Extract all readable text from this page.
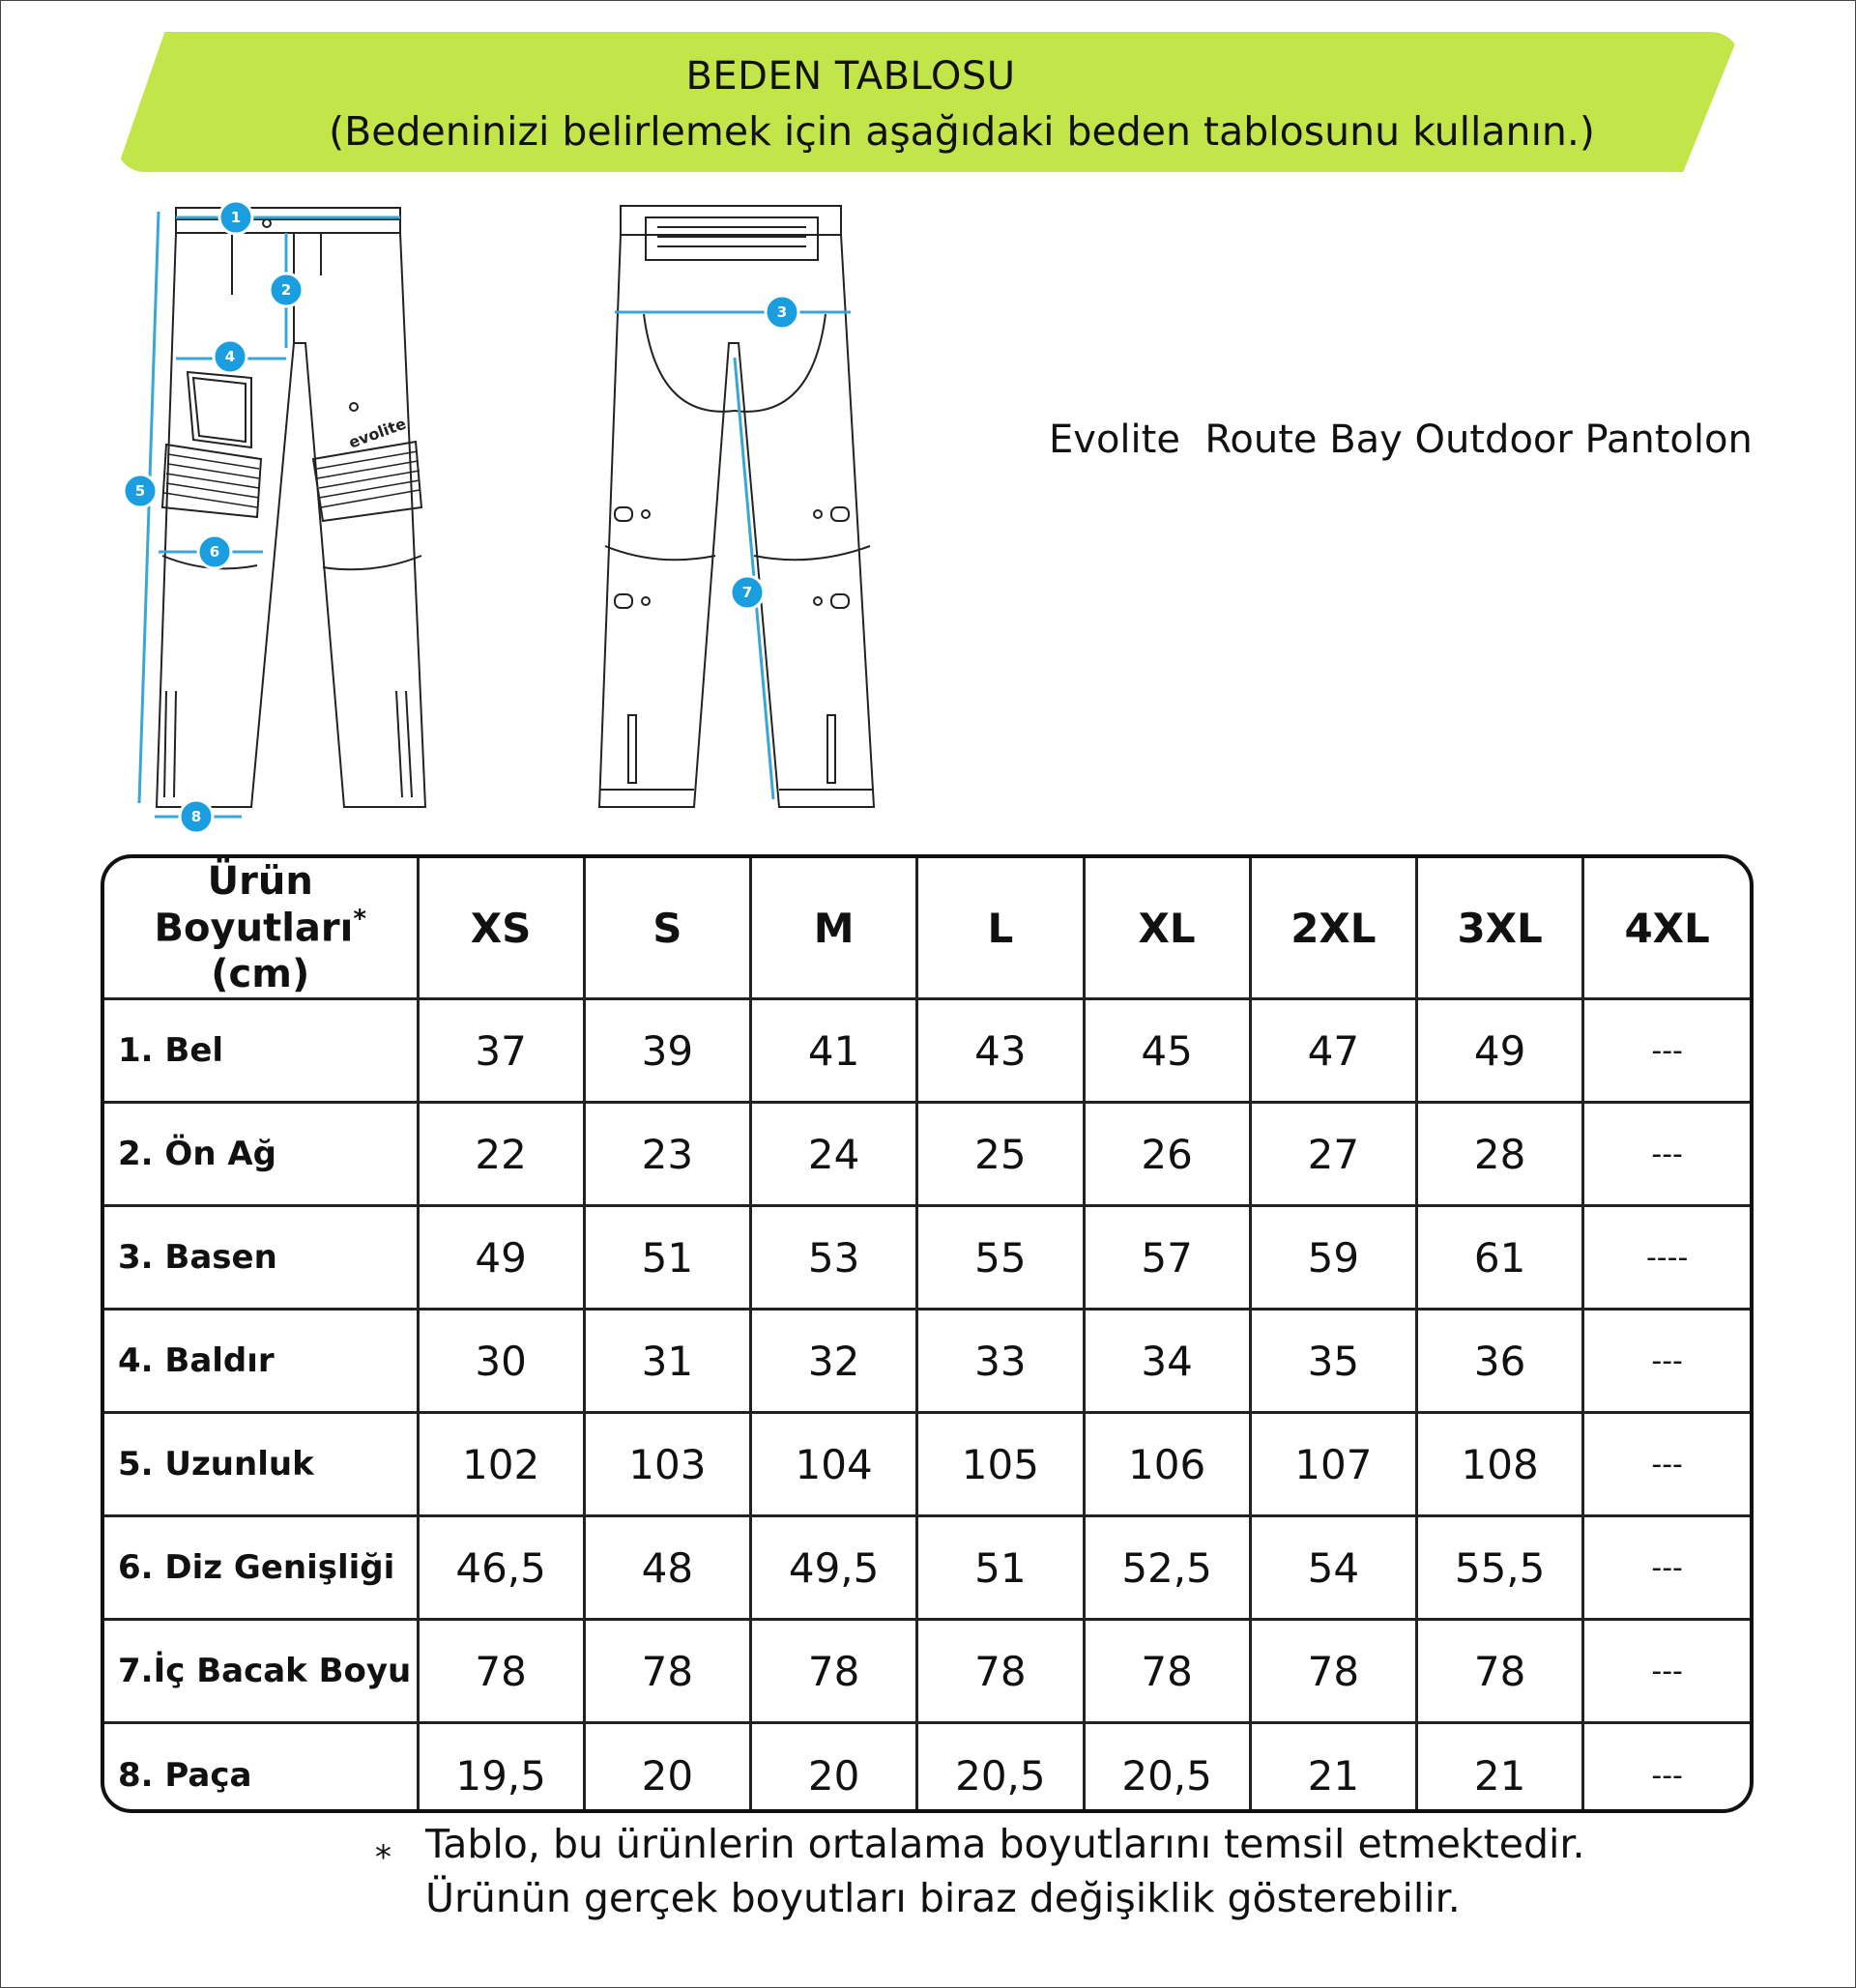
BEDEN TABLOSU
(Bedeninizi belirlemek için aşağıdaki beden tablosunu kullanın.)
Evolite  Route Bay Outdoor Pantolon
evolite
1
2
3
4
5
6
7
8
Ürün Boyutları*
(cm)	XS	S	M	L	XL	2XL	3XL	4XL
1. Bel	37	39	41	43	45	47	49	---
2. Ön Ağ	22	23	24	25	26	27	28	---
3. Basen	49	51	53	55	57	59	61	----
4. Baldır	30	31	32	33	34	35	36	---
5. Uzunluk	102	103	104	105	106	107	108	---
6. Diz Genişliği	46,5	48	49,5	51	52,5	54	55,5	---
7.İç Bacak Boyu	78	78	78	78	78	78	78	---
8. Paça	19,5	20	20	20,5	20,5	21	21	---
* Tablo, bu ürünlerin ortalama boyutlarını temsil etmektedir.
Ürünün gerçek boyutları biraz değişiklik gösterebilir.
